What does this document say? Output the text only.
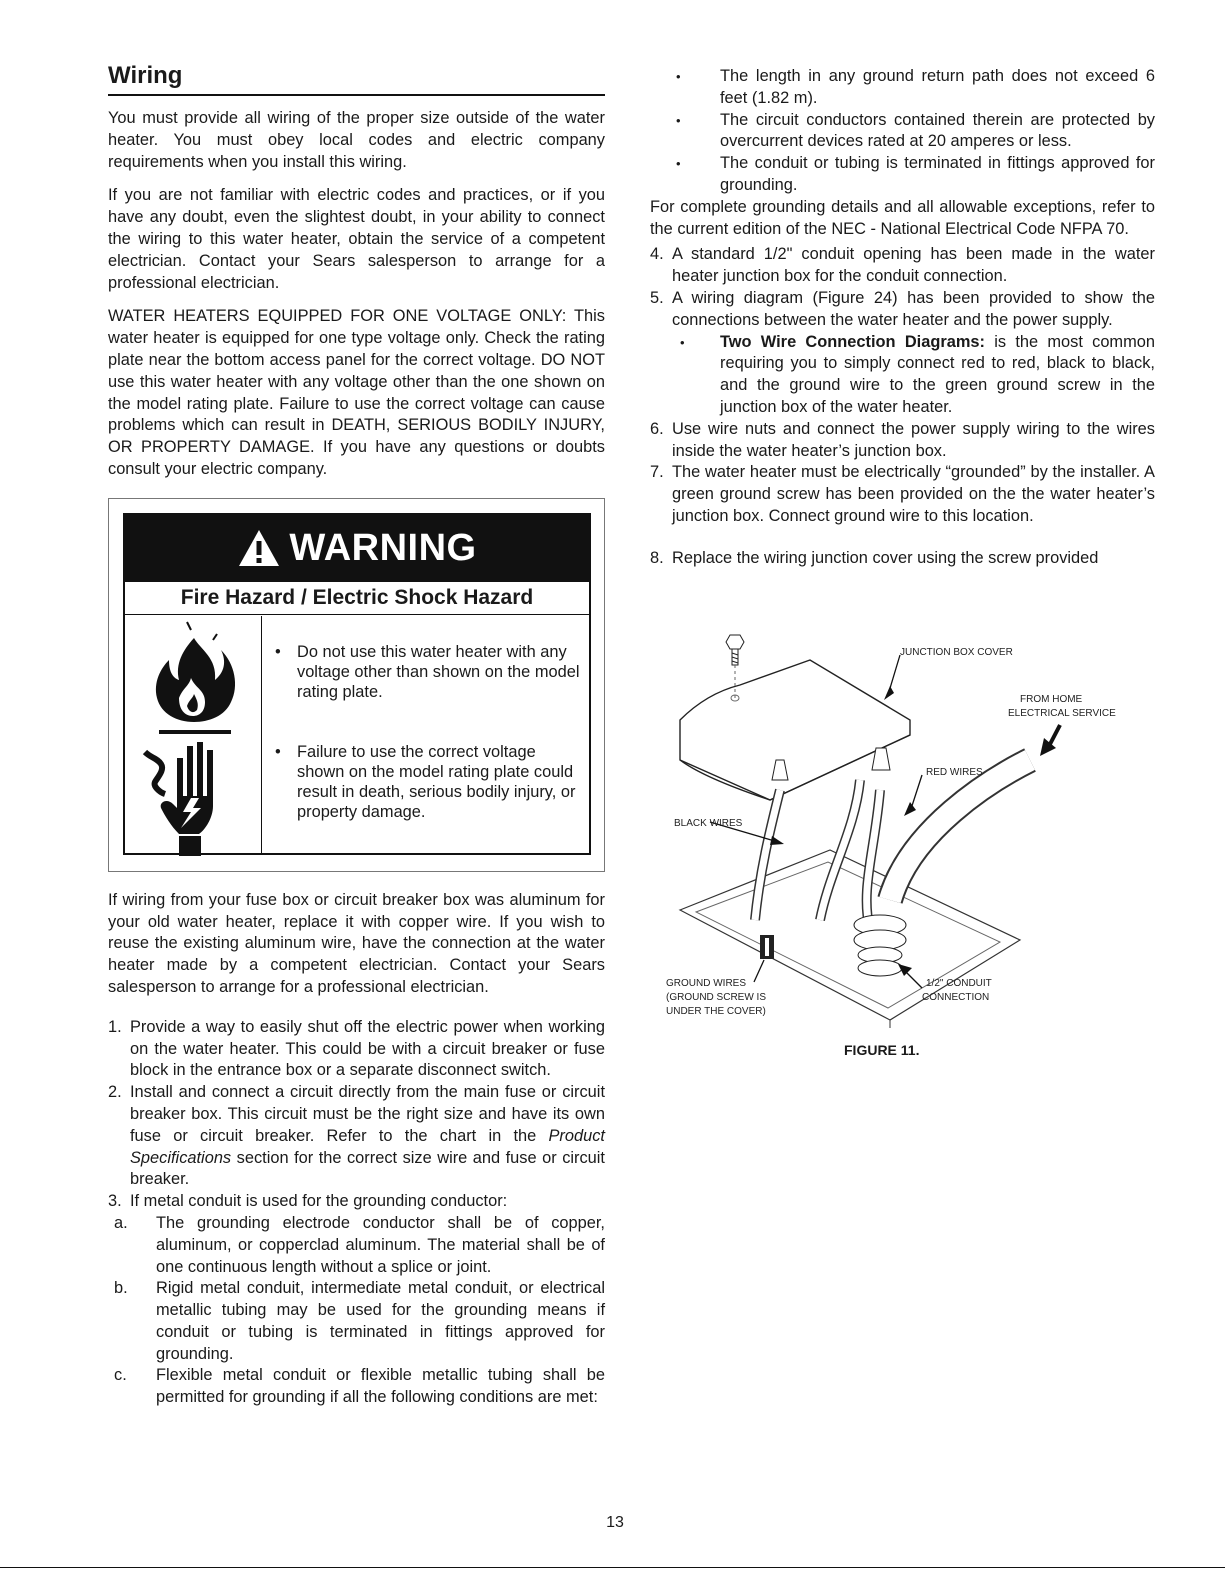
Wiring

You must provide all wiring of the proper size outside of the water heater. You must obey local codes and electric company requirements when you install this wiring.

If you are not familiar with electric codes and practices, or if you have any doubt, even the slightest doubt, in your ability to connect the wiring to this water heater, obtain the service of a competent electrician. Contact your Sears salesperson to arrange for a professional electrician.

WATER HEATERS EQUIPPED FOR ONE VOLTAGE ONLY: This water heater is equipped for one type voltage only. Check the rating plate near the bottom access panel for the correct voltage. DO NOT use this water heater with any voltage other than the one shown on the model rating plate. Failure to use the correct voltage can cause problems which can result in DEATH, SERIOUS BODILY INJURY, OR PROPERTY DAMAGE. If you have any questions or doubts consult your electric company.

WARNING
Fire Hazard / Electric Shock Hazard
• Do not use this water heater with any voltage other than shown on the model rating plate.
• Failure to use the correct voltage shown on the model rating plate could result in death, serious bodily injury, or property damage.

If wiring from your fuse box or circuit breaker box was aluminum for your old water heater, replace it with copper wire. If you wish to reuse the existing aluminum wire, have the connection at the water heater made by a competent electrician. Contact your Sears salesperson to arrange for a professional electrician.

1. Provide a way to easily shut off the electric power when working on the water heater. This could be with a circuit breaker or fuse block in the entrance box or a separate disconnect switch.
2. Install and connect a circuit directly from the main fuse or circuit breaker box. This circuit must be the right size and have its own fuse or circuit breaker. Refer to the chart in the Product Specifications section for the correct size wire and fuse or circuit breaker.
3. If metal conduit is used for the grounding conductor:
a. The grounding electrode conductor shall be of copper, aluminum, or copperclad aluminum. The material shall be of one continuous length without a splice or joint.
b. Rigid metal conduit, intermediate metal conduit, or electrical metallic tubing may be used for the grounding means if conduit or tubing is terminated in fittings approved for grounding.
c. Flexible metal conduit or flexible metallic tubing shall be permitted for grounding if all the following conditions are met:
• The length in any ground return path does not exceed 6 feet (1.82 m).
• The circuit conductors contained therein are protected by overcurrent devices rated at 20 amperes or less.
• The conduit or tubing is terminated in fittings approved for grounding.

For complete grounding details and all allowable exceptions, refer to the current edition of the NEC - National Electrical Code NFPA 70.

4. A standard 1/2" conduit opening has been made in the water heater junction box for the conduit connection.
5. A wiring diagram (Figure 24) has been provided to show the connections between the water heater and the power supply.
• Two Wire Connection Diagrams: is the most common requiring you to simply connect red to red, black to black, and the ground wire to the green ground screw in the junction box of the water heater.
6. Use wire nuts and connect the power supply wiring to the wires inside the water heater’s junction box.
7. The water heater must be electrically “grounded” by the installer. A green ground screw has been provided on the the water heater’s junction box. Connect ground wire to this location.
8. Replace the wiring junction cover using the screw provided
JUNCTION BOX COVER
FROM HOME
ELECTRICAL SERVICE
RED WIRES
BLACK WIRES
GROUND WIRES
(GROUND SCREW IS
UNDER THE COVER)
1/2" CONDUIT
CONNECTION
FIGURE 11.
13
